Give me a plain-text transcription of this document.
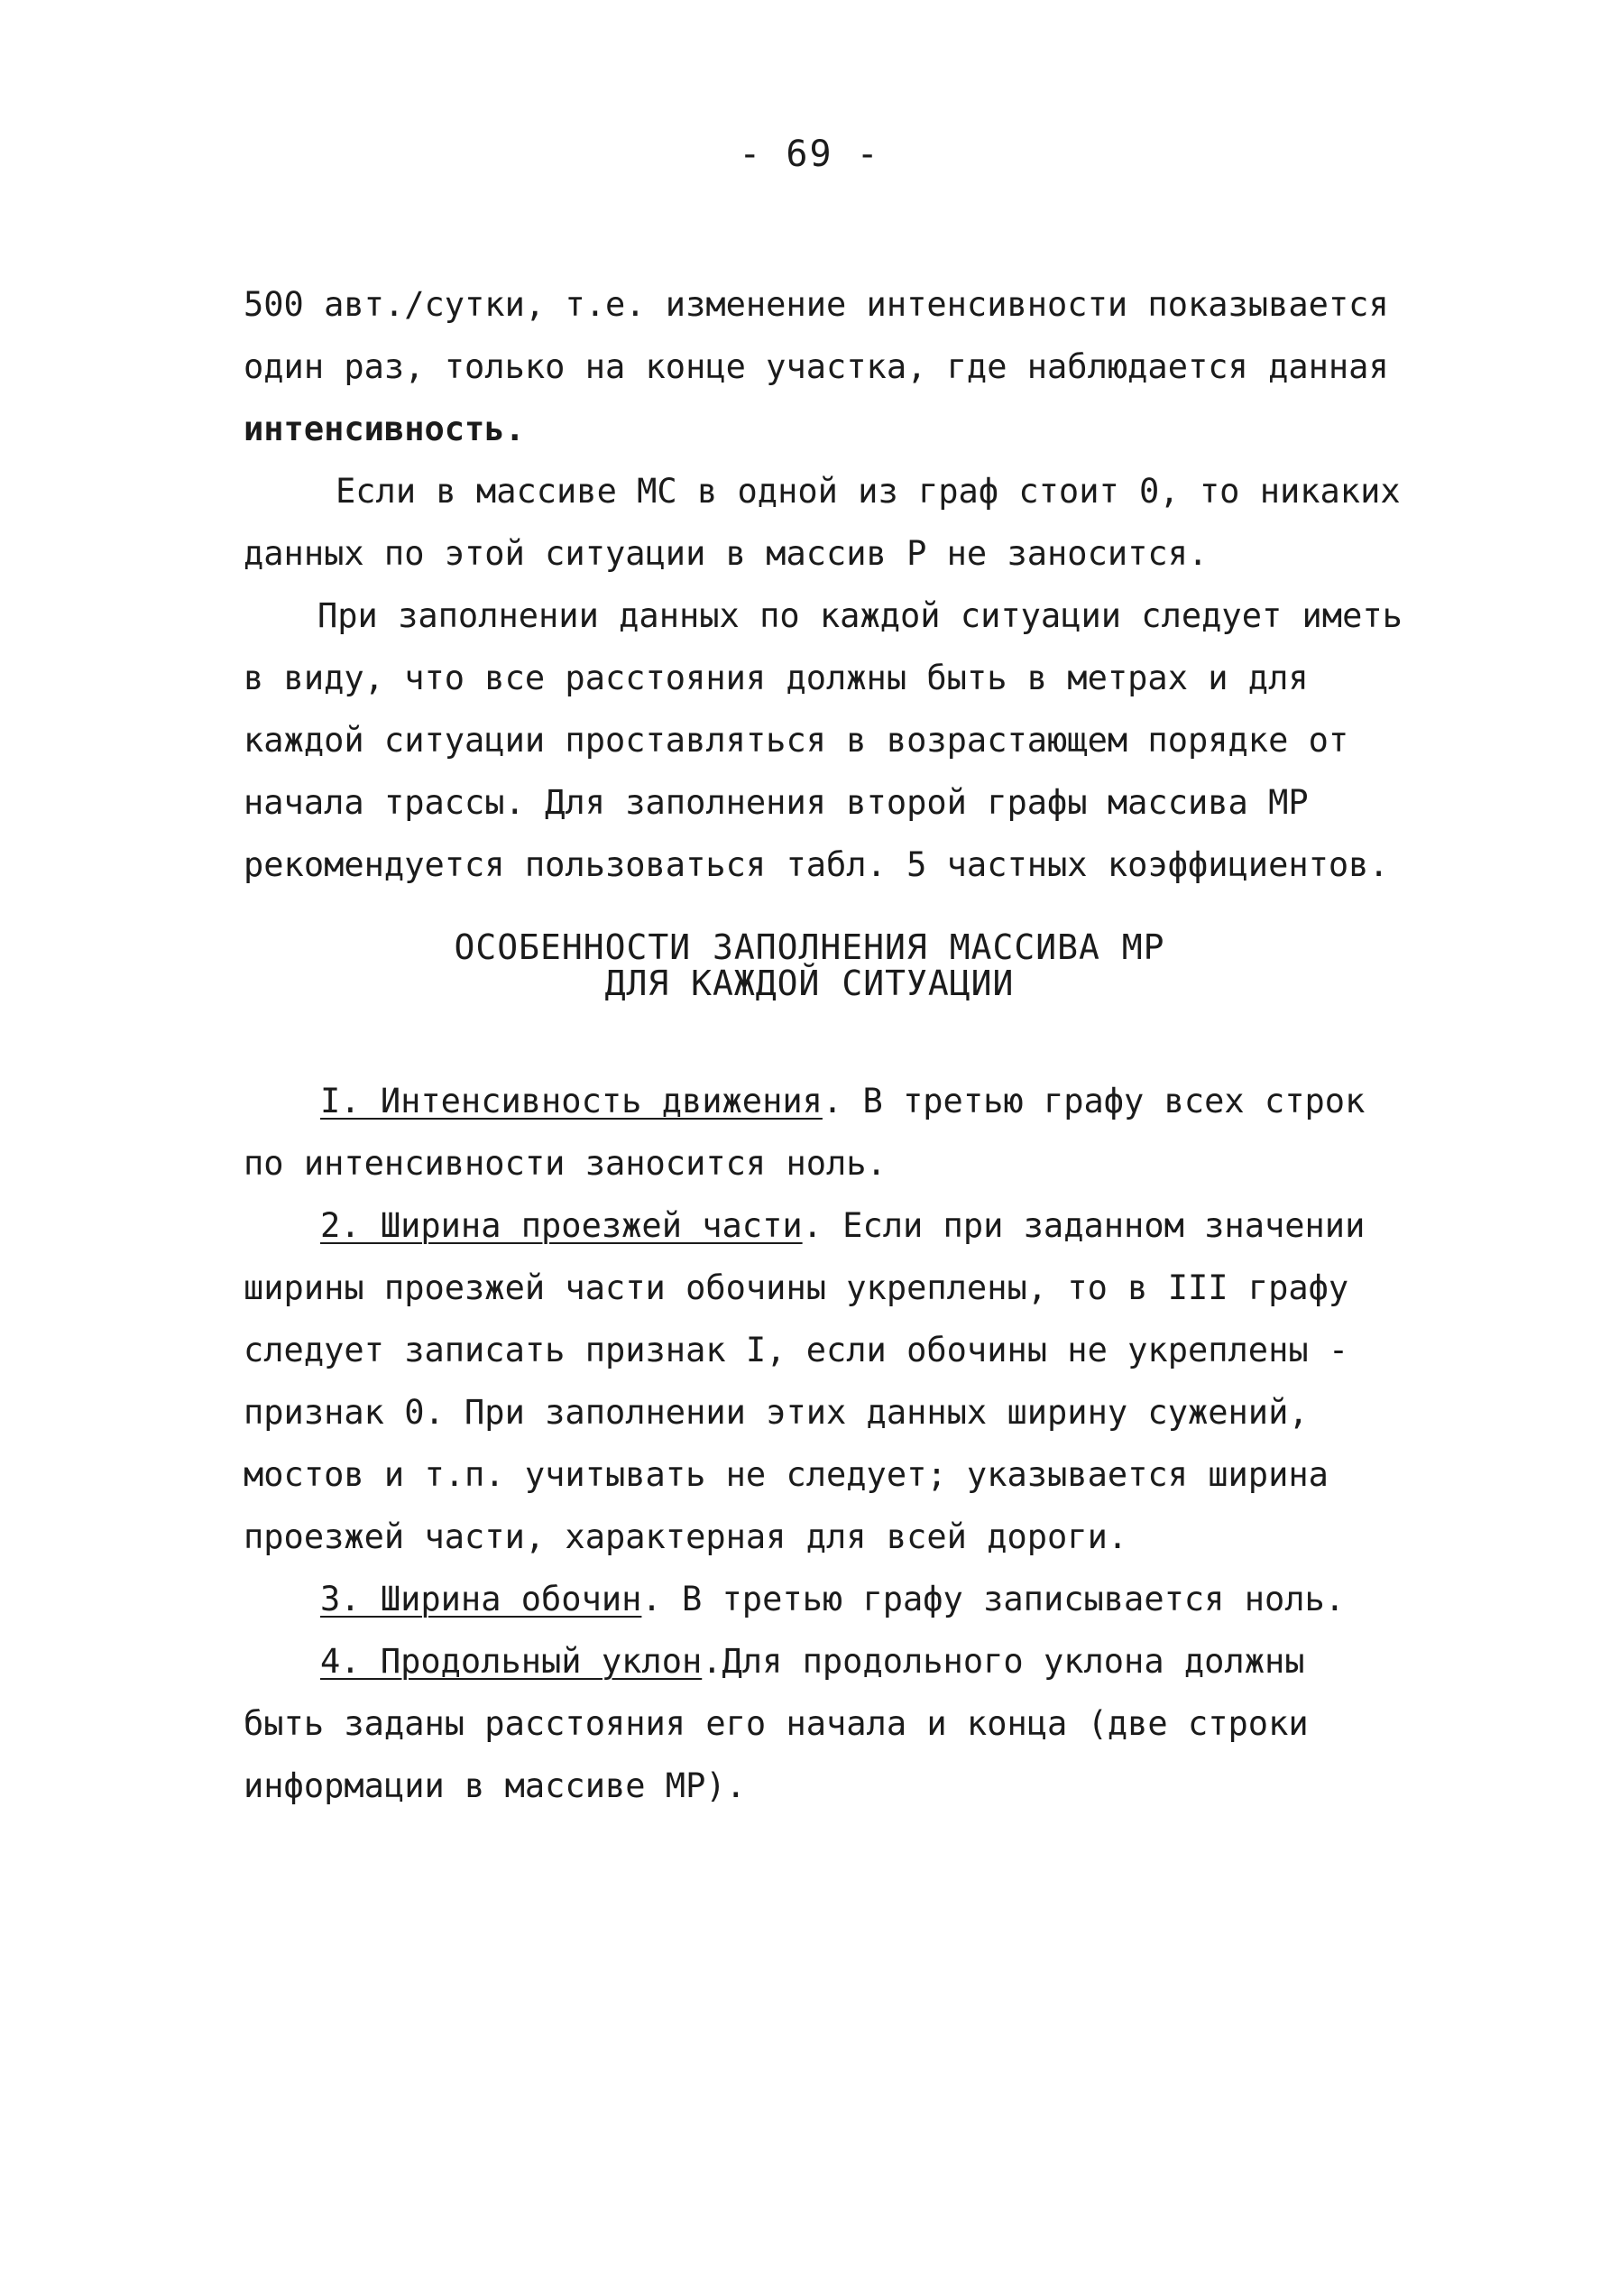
- 69 -
500 авт./сутки, т.е. изменение интенсивности показывается
один раз, только на конце участка, где наблюдается данная
интенсивность.
Если в массиве МС в одной из граф стоит 0, то никаких
данных по этой ситуации в массив Р не заносится.
При заполнении данных по каждой ситуации следует иметь
в виду, что все расстояния должны быть в метрах и для
каждой ситуации проставляться в возрастающем порядке от
начала трассы. Для заполнения второй графы массива МР
рекомендуется пользоваться табл. 5 частных коэффициентов.
ОСОБЕННОСТИ ЗАПОЛНЕНИЯ МАССИВА МР
ДЛЯ КАЖДОЙ СИТУАЦИИ
I. Интенсивность движения. В третью графу всех строк
по интенсивности заносится ноль.
2. Ширина проезжей части. Если при заданном значении
ширины проезжей части обочины укреплены, то в III графу
следует записать признак I, если обочины не укреплены -
признак 0. При заполнении этих данных ширину сужений,
мостов и т.п. учитывать не следует; указывается ширина
проезжей части, характерная для всей дороги.
3. Ширина обочин. В третью графу записывается ноль.
4. Продольный уклон.Для продольного уклона должны
быть заданы расстояния его начала и конца (две строки
информации в массиве МР).
